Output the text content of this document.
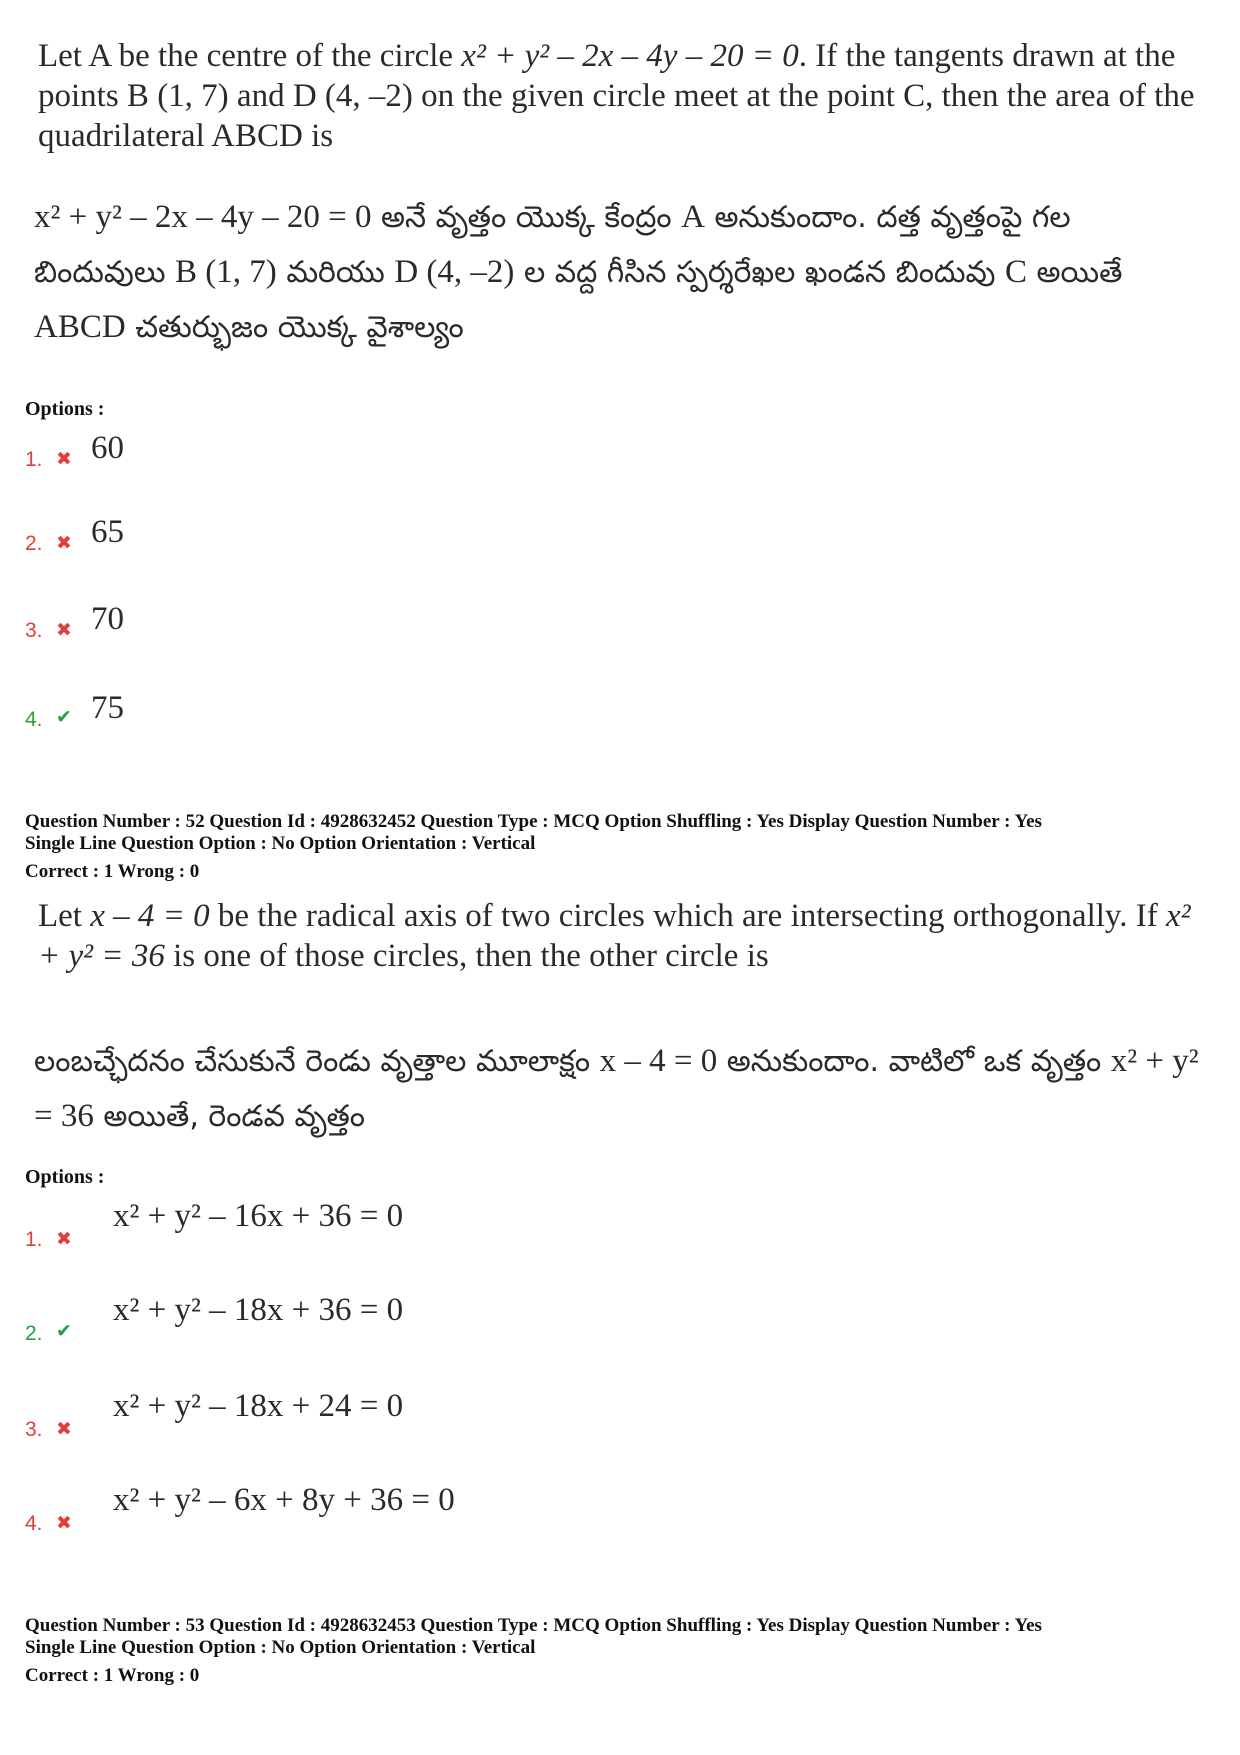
Let A be the centre of the circle x² + y² – 2x – 4y – 20 = 0. If the tangents drawn at the points B (1, 7) and D (4, –2) on the given circle meet at the point C, then the area of the quadrilateral ABCD is
x² + y² – 2x – 4y – 20 = 0 అనే వృత్తం యొక్క కేంద్రం A అనుకుందాం. దత్త వృత్తంపై గల బిందువులు B (1, 7) మరియు D (4, –2) ల వద్ద గీసిన స్పర్శరేఖల ఖండన బిందువు C అయితే ABCD చతుర్భుజం యొక్క వైశాల్యం
Options :
1. ✖ 60
2. ✖ 65
3. ✖ 70
4. ✔ 75
Question Number : 52 Question Id : 4928632452 Question Type : MCQ Option Shuffling : Yes Display Question Number : Yes
Single Line Question Option : No Option Orientation : Vertical
Correct : 1 Wrong : 0
Let x – 4 = 0 be the radical axis of two circles which are intersecting orthogonally. If x² + y² = 36 is one of those circles, then the other circle is
లంబచ్ఛేదనం చేసుకునే రెండు వృత్తాల మూలాక్షం x – 4 = 0 అనుకుందాం. వాటిలో ఒక వృత్తం x² + y² = 36 అయితే, రెండవ వృత్తం
Options :
1. ✖
x² + y² – 16x + 36 = 0
2. ✔
x² + y² – 18x + 36 = 0
3. ✖
x² + y² – 18x + 24 = 0
4. ✖
x² + y² – 6x + 8y + 36 = 0
Question Number : 53 Question Id : 4928632453 Question Type : MCQ Option Shuffling : Yes Display Question Number : Yes
Single Line Question Option : No Option Orientation : Vertical
Correct : 1 Wrong : 0
